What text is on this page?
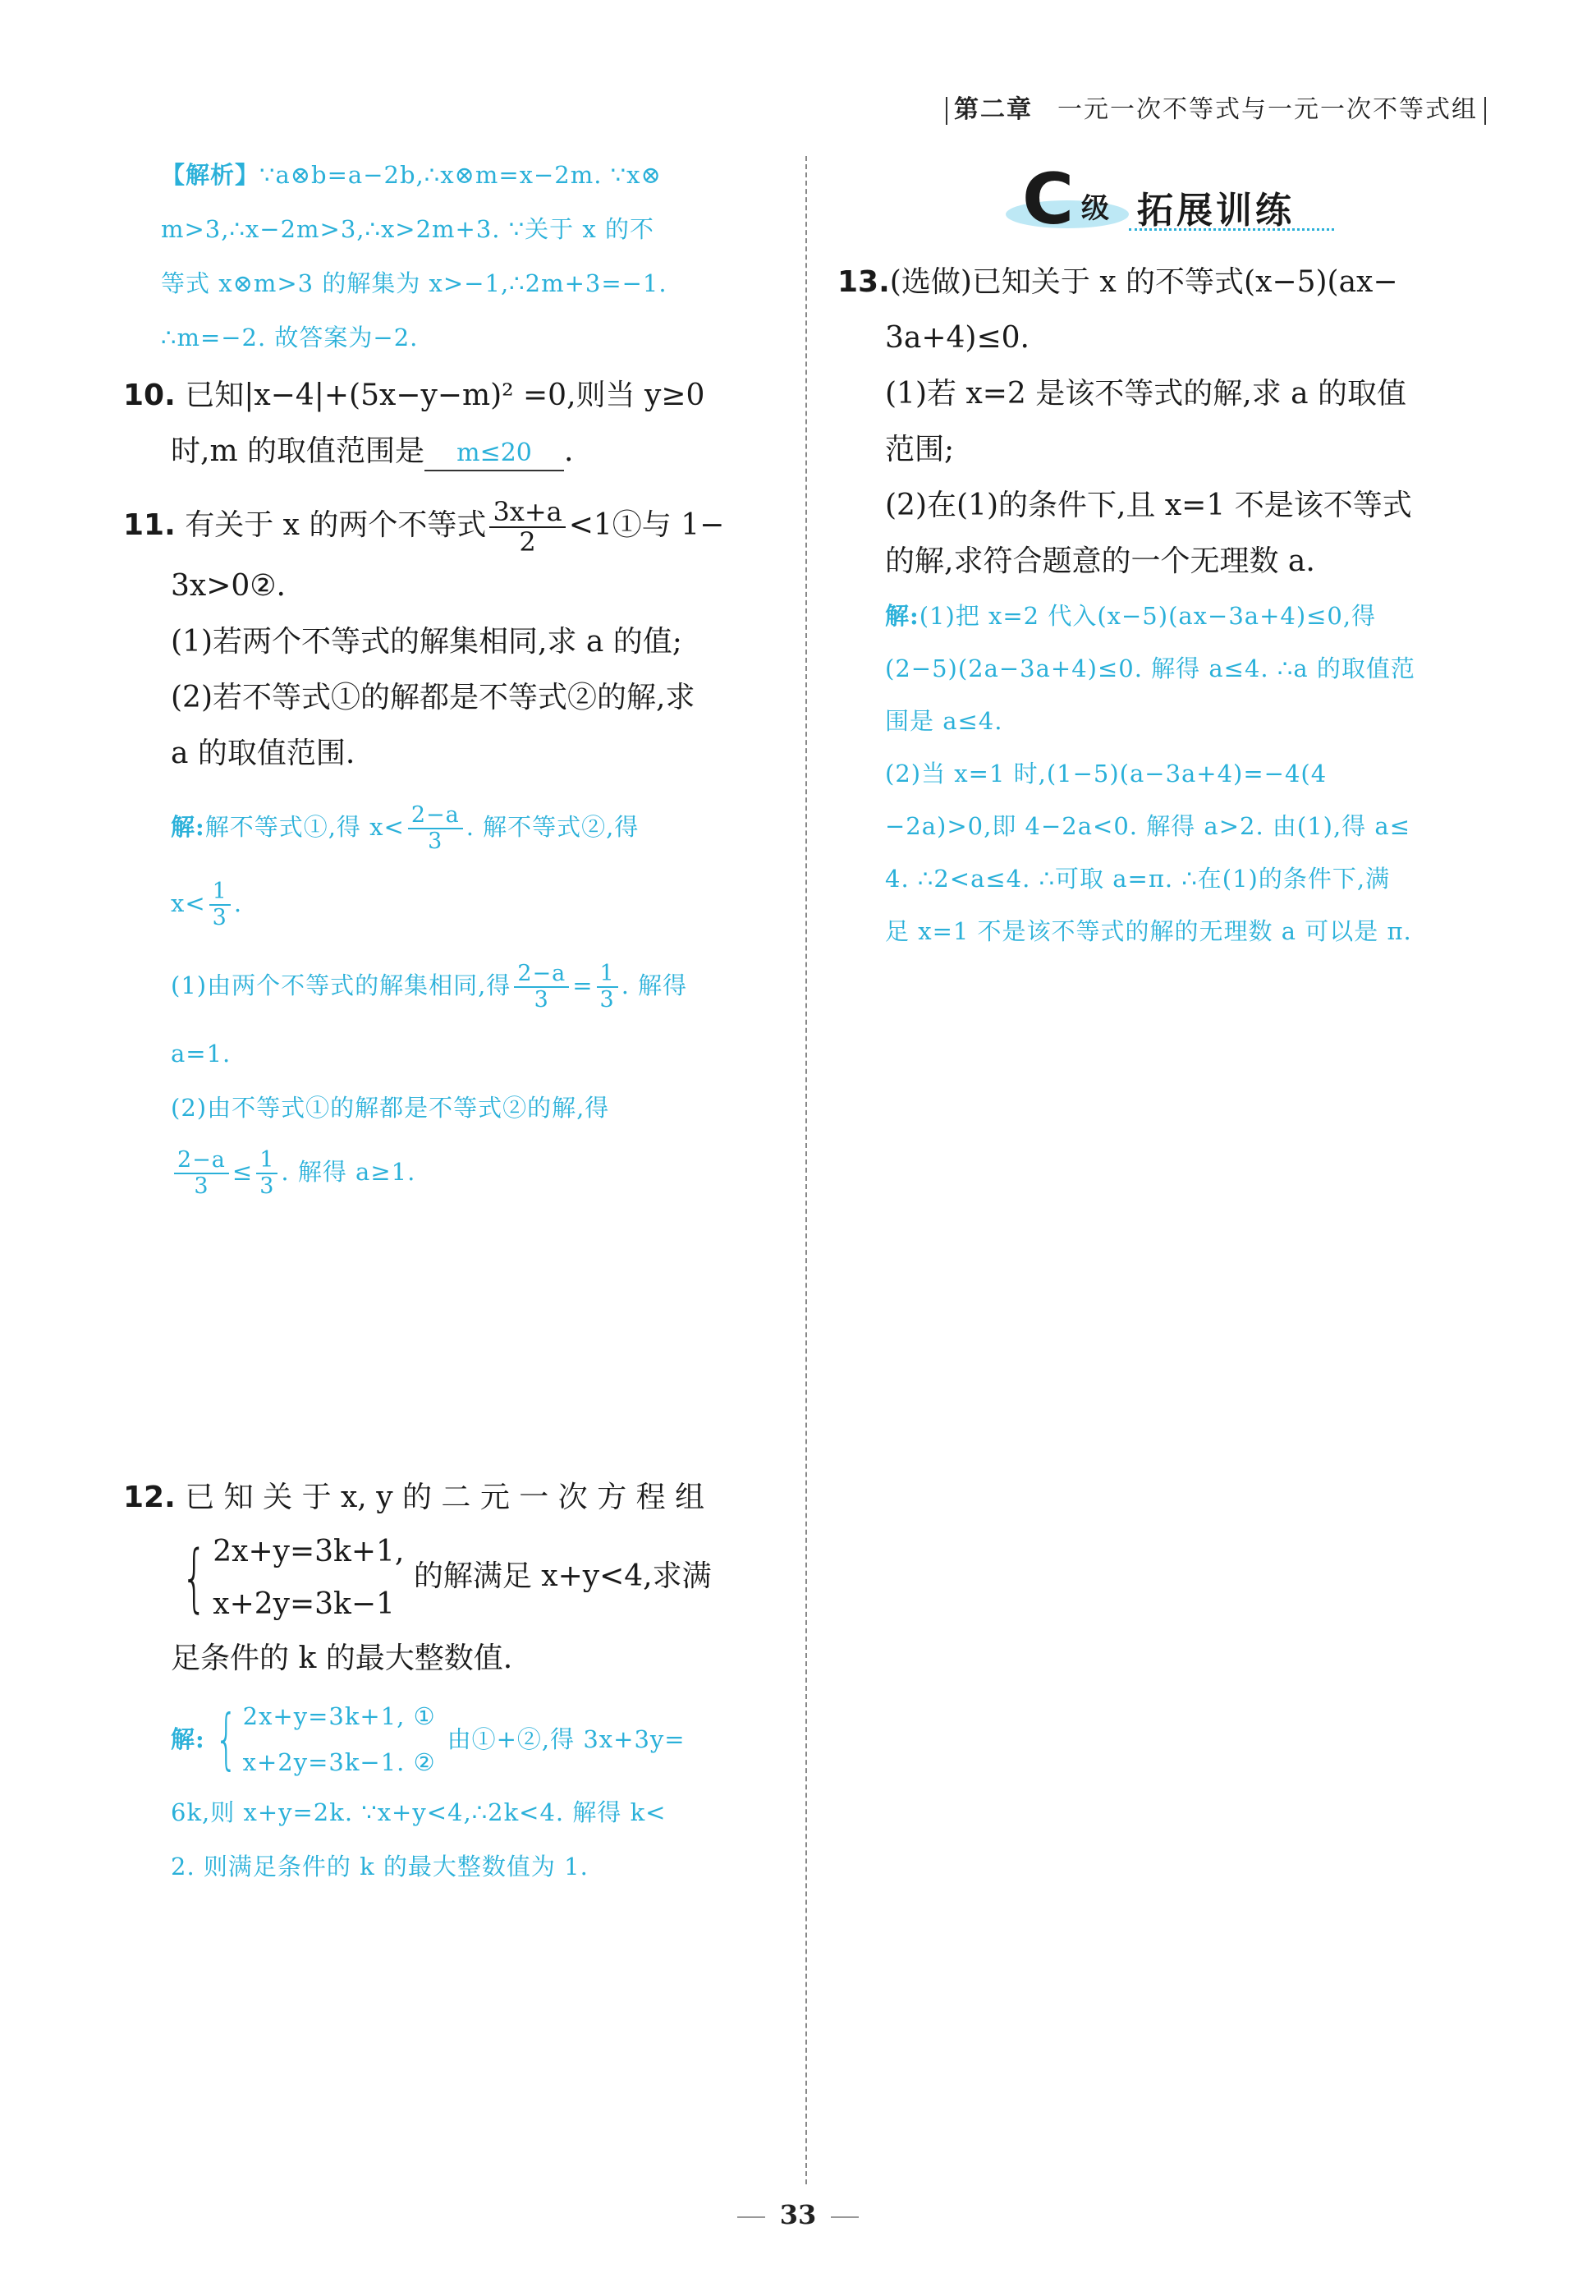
第二章 一元一次不等式与一元一次不等式组
【解析】∵a⊗b=a−2b,∴x⊗m=x−2m. ∵x⊗
m>3,∴x−2m>3,∴x>2m+3. ∵关于 x 的不
等式 x⊗m>3 的解集为 x>−1,∴2m+3=−1.
∴m=−2. 故答案为−2.
10. 已知|x−4|+(5x−y−m)² =0,则当 y≥0
时,m 的取值范围是 m≤20 .
11. 有关于 x 的两个不等式 $\frac{3x+a}{2}$ <1①与 1−
3x>0②.
(1)若两个不等式的解集相同,求 a 的值;
(2)若不等式①的解都是不等式②的解,求
a 的取值范围.
解:解不等式①,得 $x< \frac{2-a}{3}$ . 解不等式②,得
$x< \frac{1}{3}$ .
(1)由两个不等式的解集相同,得 $\frac{2-a}{3} = \frac{1}{3}$ . 解得
a=1.
(2)由不等式①的解都是不等式②的解,得
$\frac{2-a}{3} \le \frac{1}{3}$ . 解得 a≥1.
12. 已 知 关 于 x, y 的 二 元 一 次 方 程 组
{ 2x+y=3k+1,
x+2y=3k−1
的解满足 x+y<4,求满
足条件的 k 的最大整数值.
解: { 2x+y=3k+1, ①
x+2y=3k−1. ②
由①+②,得 3x+3y=
6k,则 x+y=2k. ∵x+y<4,∴2k<4. 解得 k<
2. 则满足条件的 k 的最大整数值为 1.
C 级 拓展训练
13.(选做)已知关于 x 的不等式(x−5)(ax−
3a+4)≤0.
(1)若 x=2 是该不等式的解,求 a 的取值
范围;
(2)在(1)的条件下,且 x=1 不是该不等式
的解,求符合题意的一个无理数 a.
解:(1)把 x=2 代入(x−5)(ax−3a+4)≤0,得
(2−5)(2a−3a+4)≤0. 解得 a≤4. ∴a 的取值范
围是 a≤4.
(2)当 x=1 时,(1−5)(a−3a+4)=−4(4
−2a)>0,即 4−2a<0. 解得 a>2. 由(1),得 a≤
4. ∴2<a≤4. ∴可取 a=π. ∴在(1)的条件下,满
足 x=1 不是该不等式的解的无理数 a 可以是 π.
33
